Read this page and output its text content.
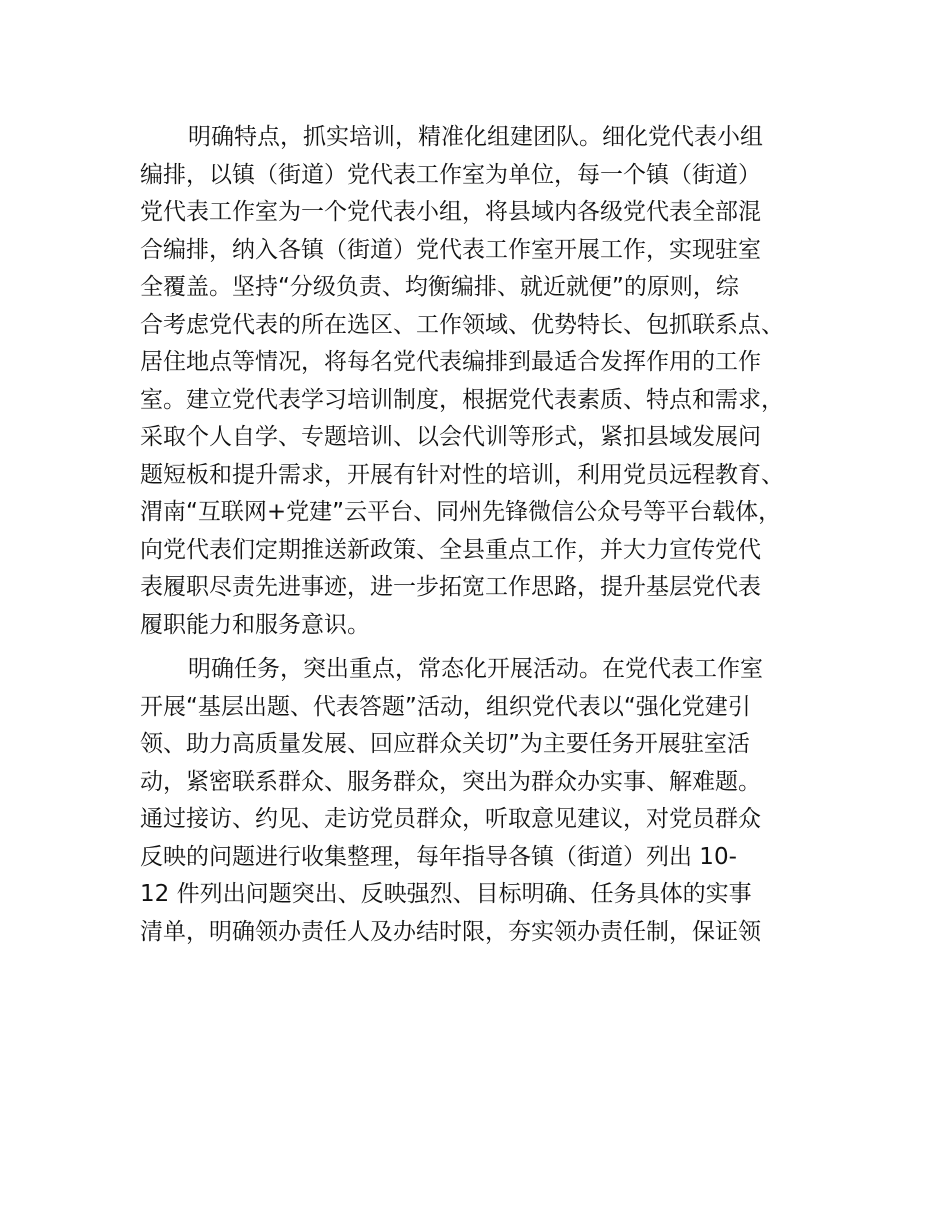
明确特点，抓实培训，精准化组建团队。细化党代表小组
编排，以镇（街道）党代表工作室为单位，每一个镇（街道）
党代表工作室为一个党代表小组，将县域内各级党代表全部混
合编排，纳入各镇（街道）党代表工作室开展工作，实现驻室
全覆盖。坚持“分级负责、均衡编排、就近就便”的原则，综
合考虑党代表的所在选区、工作领域、优势特长、包抓联系点、
居住地点等情况，将每名党代表编排到最适合发挥作用的工作
室。建立党代表学习培训制度，根据党代表素质、特点和需求，
采取个人自学、专题培训、以会代训等形式，紧扣县域发展问
题短板和提升需求，开展有针对性的培训，利用党员远程教育、
渭南“互联网+党建”云平台、同州先锋微信公众号等平台载体，
向党代表们定期推送新政策、全县重点工作，并大力宣传党代
表履职尽责先进事迹，进一步拓宽工作思路，提升基层党代表
履职能力和服务意识。
明确任务，突出重点，常态化开展活动。在党代表工作室
开展“基层出题、代表答题”活动，组织党代表以“强化党建引
领、助力高质量发展、回应群众关切”为主要任务开展驻室活
动，紧密联系群众、服务群众，突出为群众办实事、解难题。
通过接访、约见、走访党员群众，听取意见建议，对党员群众
反映的问题进行收集整理，每年指导各镇（街道）列出 10-
12 件列出问题突出、反映强烈、目标明确、任务具体的实事
清单，明确领办责任人及办结时限，夯实领办责任制，保证领
